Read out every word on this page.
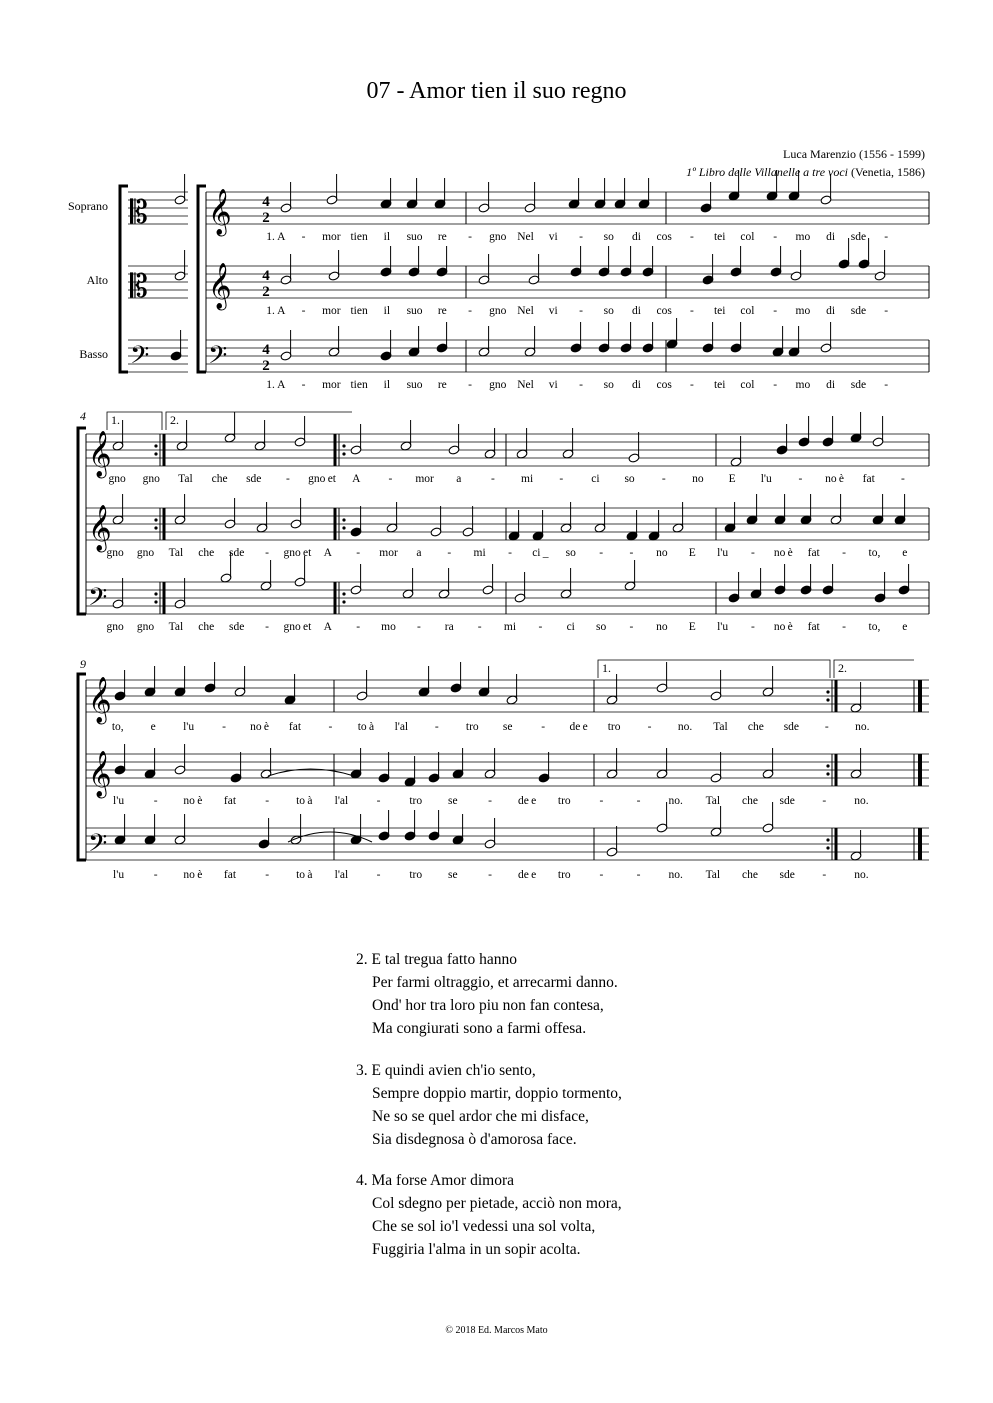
07 - Amor tien il suo regno
Luca Marenzio (1556 - 1599)
1º Libro delle Villanelle a tre voci (Venetia, 1586)
Soprano
Alto
Basso
𝄡
𝄡
𝄢
𝄞 4
2
𝄞 4
2
𝄢 4
2
1. A - mor tien il suo re - gno Nel vi - so di cos - tei col - mo di sde -
1. A - mor tien il suo re - gno Nel vi - so di cos - tei col - mo di sde -
1. A - mor tien il suo re - gno Nel vi - so di cos - tei col - mo di sde -
4
𝄞
𝄞
𝄢
1.	2.
gno gno Tal che sde - gno et A - mor a	- mi - ci so - no E l'u - no è fat -
gno gno Tal che sde - gno et A - mor a - mi - ci _ so - - no E l'u - no è fat - to, e
gno gno Tal che sde - gno et A - mo - ra - mi - ci so - no E l'u - no è fat - to, e
9
𝄞
𝄞
𝄢
1.	2.
to, e l'u - no è fat - to à l'al - tro se - de e tro - no. Tal che sde - no.
l'u	- no è fat	- to à l'al -	tro se	- de e tro	-	- no. Tal che sde - no.
l'u	- no è fat	- to à l'al -	tro se	- de e tro	-	- no. Tal che sde - no.
2. E tal tregua fatto hanno
Per farmi oltraggio, et arrecarmi danno.
Ond' hor tra loro piu non fan contesa,
Ma congiurati sono a farmi offesa.
3. E quindi avien ch'io sento,
Sempre doppio martir, doppio tormento,
Ne so se quel ardor che mi disface,
Sia disdegnosa ò d'amorosa face.
4. Ma forse Amor dimora
Col sdegno per pietade, acciò non mora,
Che se sol io'l vedessi una sol volta,
Fuggiria l'alma in un sopir acolta.
© 2018 Ed. Marcos Mato
